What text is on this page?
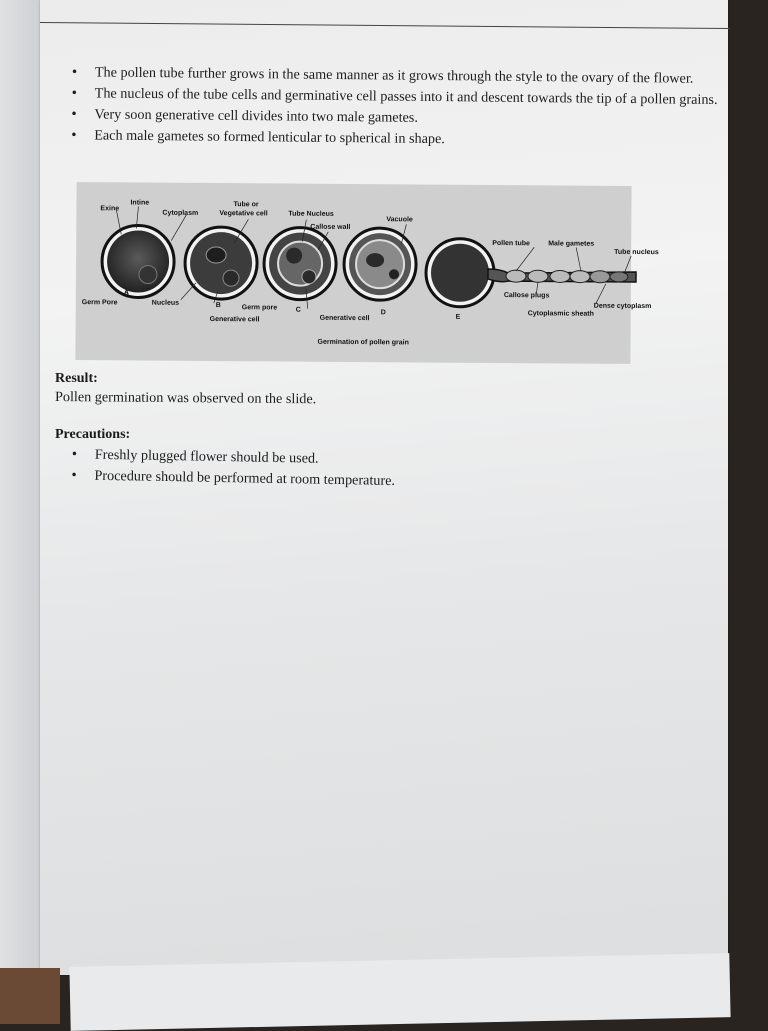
• The pollen tube further grows in the same manner as it grows through the style to the ovary of the flower.
• The nucleus of the tube cells and germinative cell passes into it and descent towards the tip of a pollen grains.
• Very soon generative cell divides into two male gametes.
• Each male gametes so formed lenticular to spherical in shape.
Exine
Intine
Cytoplasm
Tube or
Vegetative cell	Tube Nucleus
Callose wall
Vacuole
Pollen tube	Male gametes
Tube nucleus
A
Germ Pore	Nucleus	B	Germ pore	C
Generative cell
D
Generative cell	E
Callose plugs
Dense cytoplasm
Cytoplasmic sheath
Germination of pollen grain
Result:
Pollen germination was observed on the slide.
Precautions:
• Freshly plugged flower should be used.
• Procedure should be performed at room temperature.
